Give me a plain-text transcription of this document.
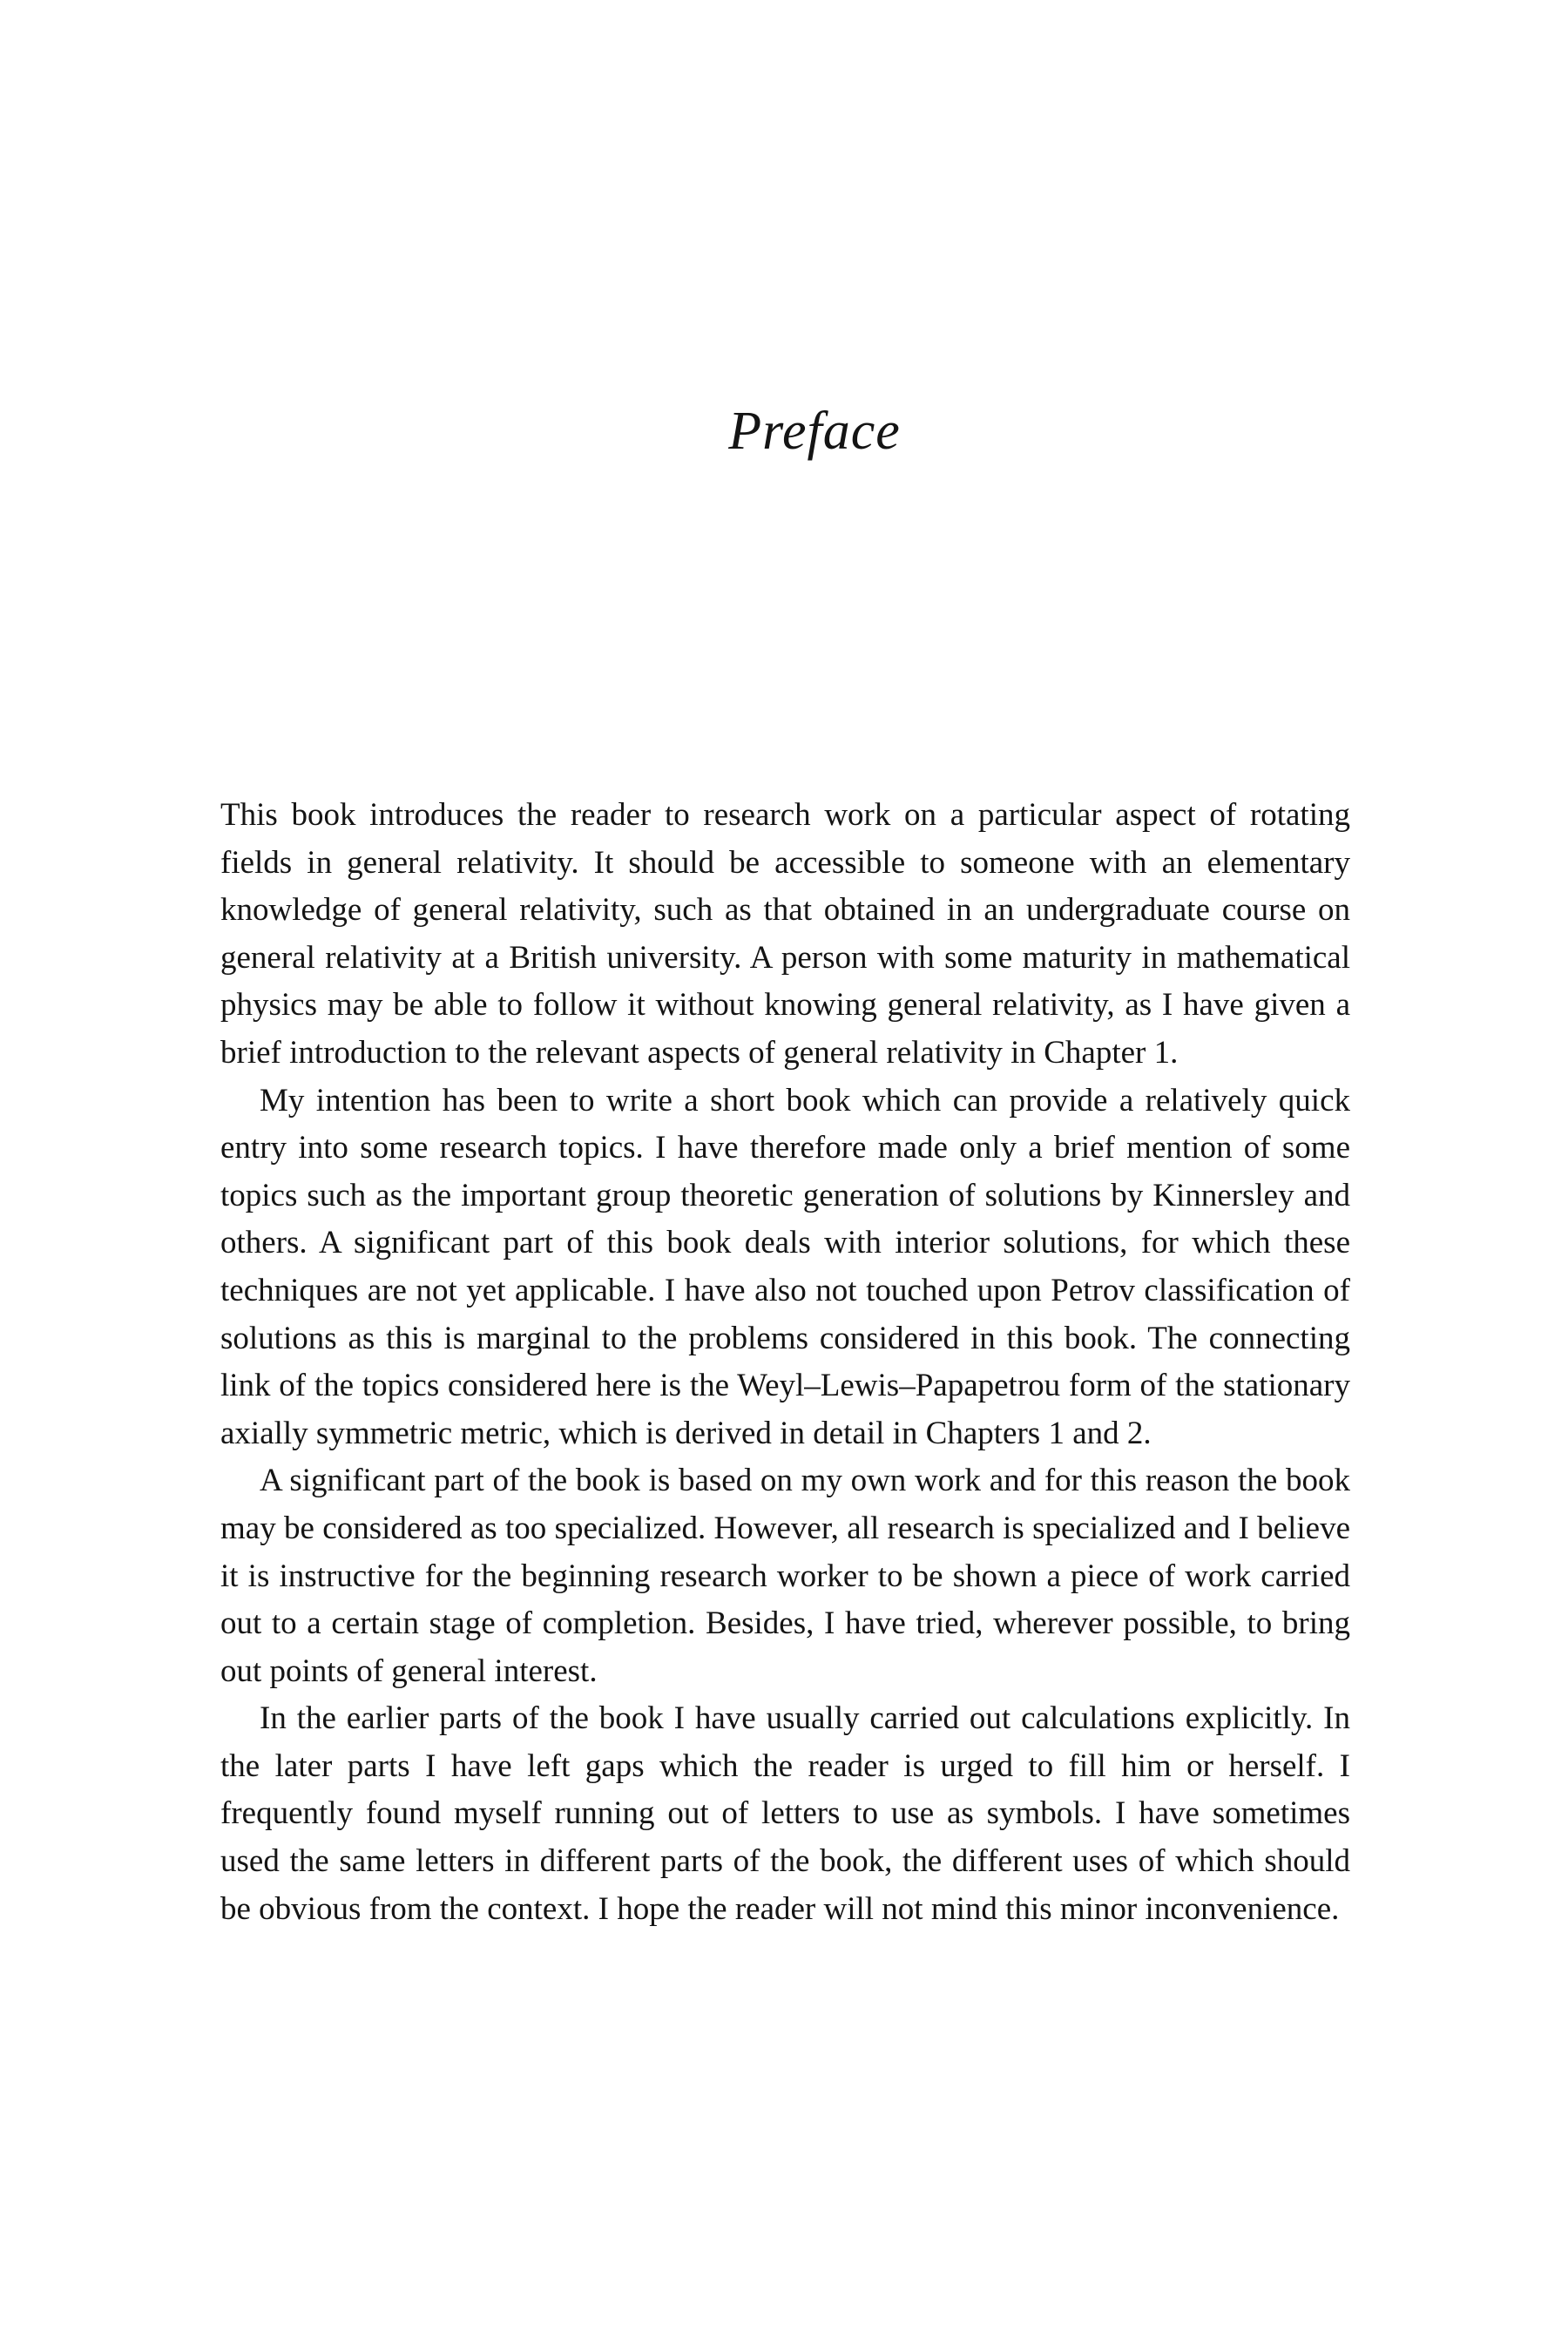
Preface

This book introduces the reader to research work on a particular aspect of rotating fields in general relativity. It should be accessible to someone with an elementary knowledge of general relativity, such as that obtained in an undergraduate course on general relativity at a British university. A person with some maturity in mathematical physics may be able to follow it without knowing general relativity, as I have given a brief introduction to the relevant aspects of general relativity in Chapter 1.

My intention has been to write a short book which can provide a relatively quick entry into some research topics. I have therefore made only a brief mention of some topics such as the important group theoretic generation of solutions by Kinnersley and others. A significant part of this book deals with interior solutions, for which these techniques are not yet applicable. I have also not touched upon Petrov classification of solutions as this is marginal to the problems considered in this book. The connecting link of the topics considered here is the Weyl–Lewis–Papapetrou form of the stationary axially symmetric metric, which is derived in detail in Chapters 1 and 2.

A significant part of the book is based on my own work and for this reason the book may be considered as too specialized. However, all research is specialized and I believe it is instructive for the beginning research worker to be shown a piece of work carried out to a certain stage of completion. Besides, I have tried, wherever possible, to bring out points of general interest.

In the earlier parts of the book I have usually carried out calculations explicitly. In the later parts I have left gaps which the reader is urged to fill him or herself. I frequently found myself running out of letters to use as symbols. I have sometimes used the same letters in different parts of the book, the different uses of which should be obvious from the context. I hope the reader will not mind this minor inconvenience.
